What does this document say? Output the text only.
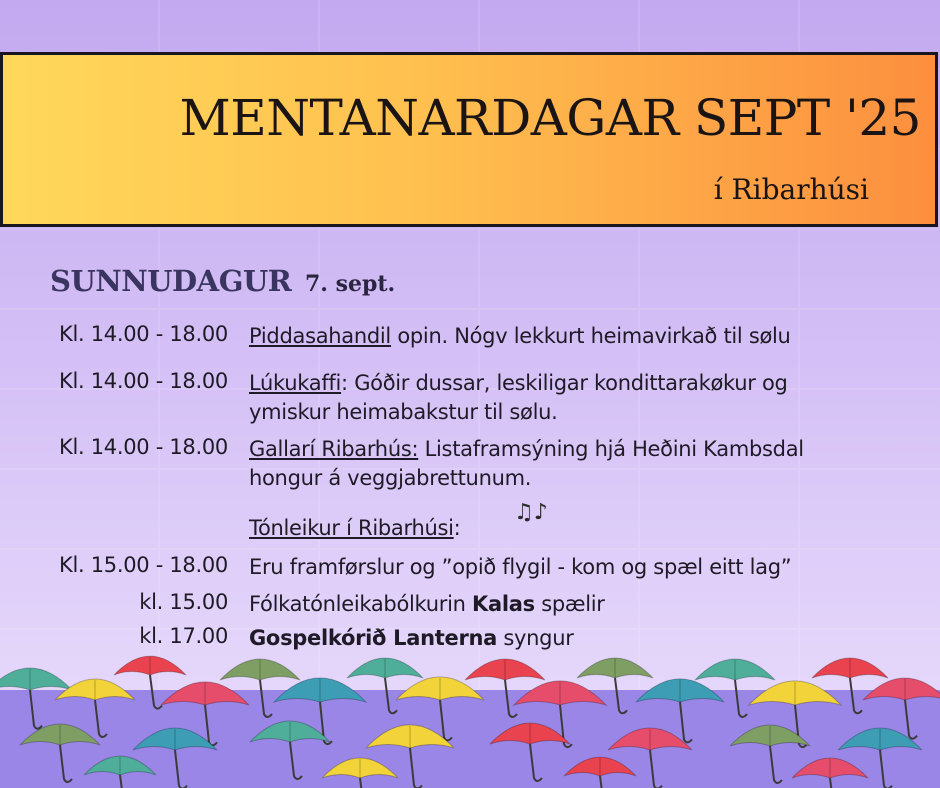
MENTANARDAGAR SEPT '25
í Ribarhúsi
SUNNUDAGUR 7. sept.
Kl. 14.00 - 18.00 Piddasahandil opin. Nógv lekkurt heimavirkað til sølu
Kl. 14.00 - 18.00 Lúkukaffi: Góðir dussar, leskiligar kondittarakøkur og
ymiskur heimabakstur til sølu.
Kl. 14.00 - 18.00 Gallarí Ribarhús: Listaframsýning hjá Heðini Kambsdal
hongur á veggjabrettunum.
Tónleikur í Ribarhúsi:
♫♪
Kl. 15.00 - 18.00 Eru framførslur og ”opið flygil - kom og spæl eitt lag”
kl. 15.00 Fólkatónleikabólkurin Kalas spælir
kl. 17.00 Gospelkórið Lanterna syngur
